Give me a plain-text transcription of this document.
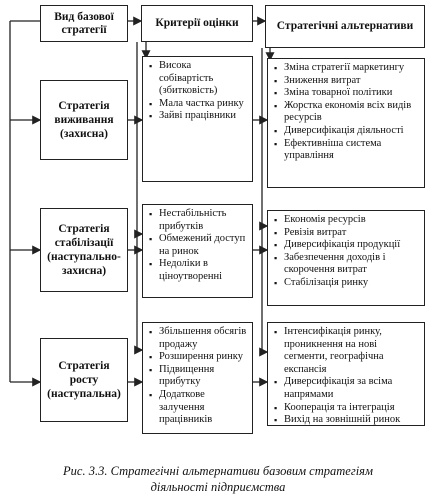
Вид базової стратегії
Критерії оцінки	Стратегічні альтернативи
Стратегія виживання (захисна)
▪ Висока собівартість (збитковість)
▪ Мала частка ринку
▪ Зайві працівники
▪ Зміна стратегії маркетингу
▪ Зниження витрат
▪ Зміна товарної політики
▪ Жорстка економія всіх видів ресурсів
▪ Диверсифікація діяльності
▪ Ефективніша система управління
Стратегія стабілізації (наступально-захисна)
▪ Нестабільність прибутків
▪ Обмежений доступ на ринок
▪ Недоліки в ціноутворенні
▪ Економія ресурсів
▪ Ревізія витрат
▪ Диверсифікація продукції
▪ Забезпечення доходів і скорочення витрат
▪ Стабілізація ринку
Стратегія росту (наступальна)
▪ Збільшення обсягів продажу
▪ Розширення ринку
▪ Підвищення прибутку
▪ Додаткове залучення працівників
▪ Інтенсифікація ринку, проникнення на нові сегменти, географічна експансія
▪ Диверсифікація за всіма напрямами
▪ Кооперація та інтеграція
▪ Вихід на зовнішній ринок
Рис. 3.3. Стратегічні альтернативи базовим стратегіям
діяльності підприємства
